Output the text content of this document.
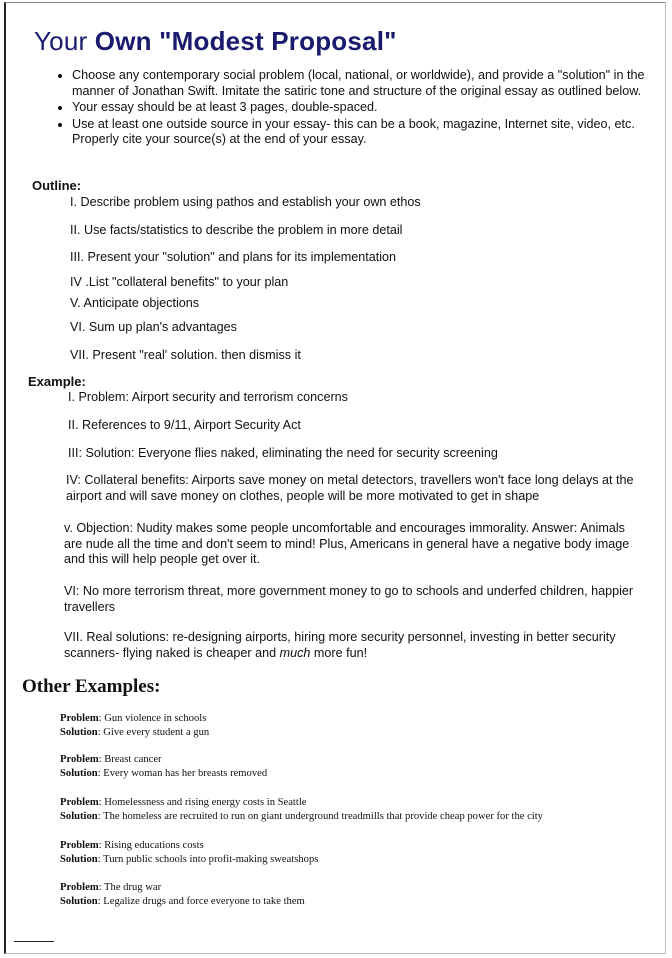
Your Own "Modest Proposal"
• Choose any contemporary social problem (local, national, or worldwide), and provide a "solution" in the manner of Jonathan Swift. Imitate the satiric tone and structure of the original essay as outlined below.
• Your essay should be at least 3 pages, double-spaced.
• Use at least one outside source in your essay- this can be a book, magazine, Internet site, video, etc. Properly cite your source(s) at the end of your essay.
Outline:
I. Describe problem using pathos and establish your own ethos
II. Use facts/statistics to describe the problem in more detail
III. Present your "solution" and plans for its implementation
IV .List "collateral benefits" to your plan
V. Anticipate objections
VI. Sum up plan's advantages
VII. Present "real' solution. then dismiss it
Example:
I. Problem: Airport security and terrorism concerns
II. References to 9/11, Airport Security Act
III: Solution: Everyone flies naked, eliminating the need for security screening
IV: Collateral benefits: Airports save money on metal detectors, travellers won't face long delays at the airport and will save money on clothes, people will be more motivated to get in shape
v. Objection: Nudity makes some people uncomfortable and encourages immorality. Answer: Animals are nude all the time and don't seem to mind! Plus, Americans in general have a negative body image and this will help people get over it.
VI: No more terrorism threat, more government money to go to schools and underfed children, happier travellers
VII. Real solutions: re-designing airports, hiring more security personnel, investing in better security scanners- flying naked is cheaper and much more fun!
Other Examples:
Problem: Gun violence in schools
Solution: Give every student a gun
Problem: Breast cancer
Solution: Every woman has her breasts removed
Problem: Homelessness and rising energy costs in Seattle
Solution: The homeless are recruited to run on giant underground treadmills that provide cheap power for the city
Problem: Rising educations costs
Solution: Turn public schools into profit-making sweatshops
Problem: The drug war
Solution: Legalize drugs and force everyone to take them
